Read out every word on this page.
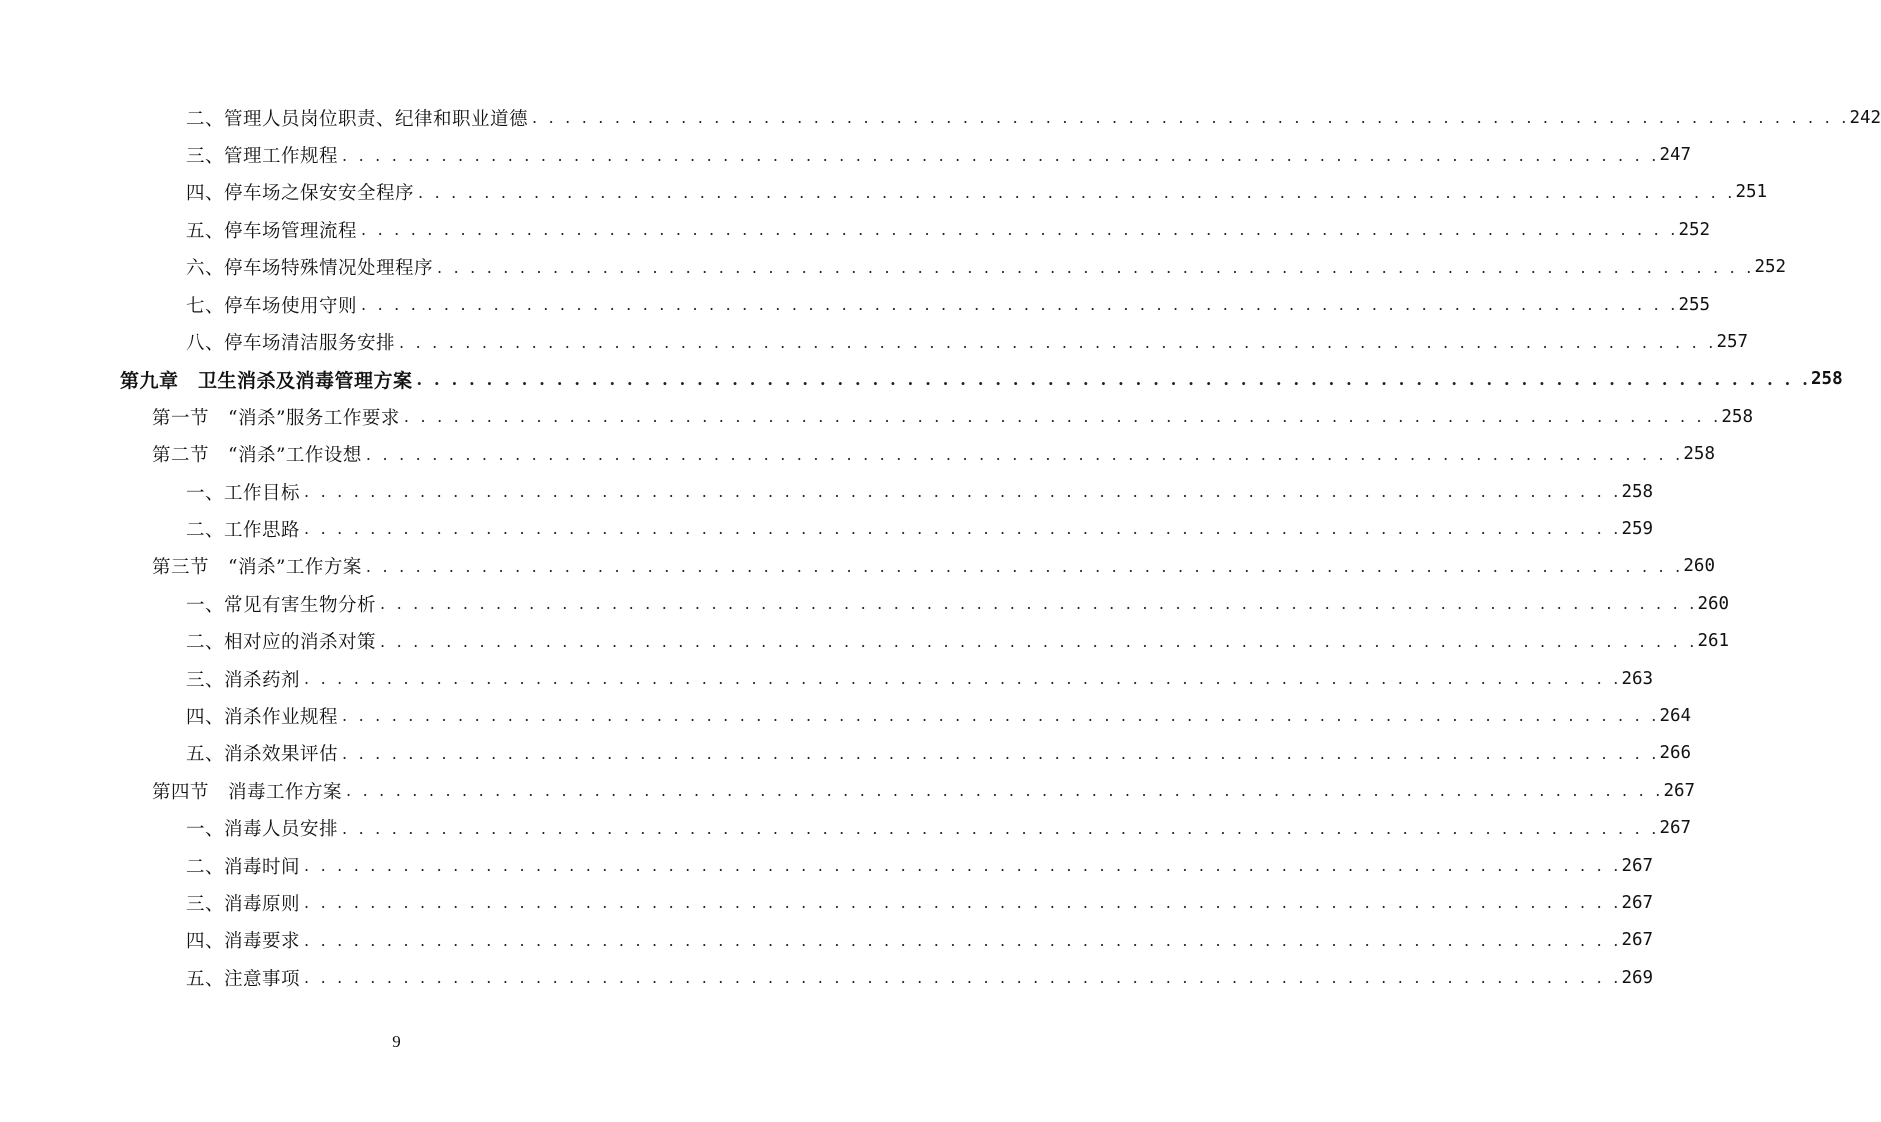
二、管理人员岗位职责、纪律和职业道德 . . . . . . . . . . . . . . . . . . . . . . . . . . . . . . . . . . . . . . . . . . . . . . . . . . . . . . . . . . . . . . . . . . . . . . . . . . . . . . . . 242
三、管理工作规程 . . . . . . . . . . . . . . . . . . . . . . . . . . . . . . . . . . . . . . . . . . . . . . . . . . . . . . . . . . . . . . . . . . . . . . . . . . . . . . . . 247
四、停车场之保安安全程序 . . . . . . . . . . . . . . . . . . . . . . . . . . . . . . . . . . . . . . . . . . . . . . . . . . . . . . . . . . . . . . . . . . . . . . . . . . . . . . . . 251
五、停车场管理流程 . . . . . . . . . . . . . . . . . . . . . . . . . . . . . . . . . . . . . . . . . . . . . . . . . . . . . . . . . . . . . . . . . . . . . . . . . . . . . . . . 252
六、停车场特殊情况处理程序 . . . . . . . . . . . . . . . . . . . . . . . . . . . . . . . . . . . . . . . . . . . . . . . . . . . . . . . . . . . . . . . . . . . . . . . . . . . . . . . . 252
七、停车场使用守则 . . . . . . . . . . . . . . . . . . . . . . . . . . . . . . . . . . . . . . . . . . . . . . . . . . . . . . . . . . . . . . . . . . . . . . . . . . . . . . . . 255
八、停车场清洁服务安排 . . . . . . . . . . . . . . . . . . . . . . . . . . . . . . . . . . . . . . . . . . . . . . . . . . . . . . . . . . . . . . . . . . . . . . . . . . . . . . . . 257
第九章　卫生消杀及消毒管理方案 . . . . . . . . . . . . . . . . . . . . . . . . . . . . . . . . . . . . . . . . . . . . . . . . . . . . . . . . . . . . . . . . . . . . . . . . . . . . . . . . 258
第一节　“消杀”服务工作要求 . . . . . . . . . . . . . . . . . . . . . . . . . . . . . . . . . . . . . . . . . . . . . . . . . . . . . . . . . . . . . . . . . . . . . . . . . . . . . . . . 258
第二节　“消杀”工作设想 . . . . . . . . . . . . . . . . . . . . . . . . . . . . . . . . . . . . . . . . . . . . . . . . . . . . . . . . . . . . . . . . . . . . . . . . . . . . . . . . 258
一、工作目标 . . . . . . . . . . . . . . . . . . . . . . . . . . . . . . . . . . . . . . . . . . . . . . . . . . . . . . . . . . . . . . . . . . . . . . . . . . . . . . . . 258
二、工作思路 . . . . . . . . . . . . . . . . . . . . . . . . . . . . . . . . . . . . . . . . . . . . . . . . . . . . . . . . . . . . . . . . . . . . . . . . . . . . . . . . 259
第三节　“消杀”工作方案 . . . . . . . . . . . . . . . . . . . . . . . . . . . . . . . . . . . . . . . . . . . . . . . . . . . . . . . . . . . . . . . . . . . . . . . . . . . . . . . . 260
一、常见有害生物分析 . . . . . . . . . . . . . . . . . . . . . . . . . . . . . . . . . . . . . . . . . . . . . . . . . . . . . . . . . . . . . . . . . . . . . . . . . . . . . . . . 260
二、相对应的消杀对策 . . . . . . . . . . . . . . . . . . . . . . . . . . . . . . . . . . . . . . . . . . . . . . . . . . . . . . . . . . . . . . . . . . . . . . . . . . . . . . . . 261
三、消杀药剂 . . . . . . . . . . . . . . . . . . . . . . . . . . . . . . . . . . . . . . . . . . . . . . . . . . . . . . . . . . . . . . . . . . . . . . . . . . . . . . . . 263
四、消杀作业规程 . . . . . . . . . . . . . . . . . . . . . . . . . . . . . . . . . . . . . . . . . . . . . . . . . . . . . . . . . . . . . . . . . . . . . . . . . . . . . . . . 264
五、消杀效果评估 . . . . . . . . . . . . . . . . . . . . . . . . . . . . . . . . . . . . . . . . . . . . . . . . . . . . . . . . . . . . . . . . . . . . . . . . . . . . . . . . 266
第四节　消毒工作方案 . . . . . . . . . . . . . . . . . . . . . . . . . . . . . . . . . . . . . . . . . . . . . . . . . . . . . . . . . . . . . . . . . . . . . . . . . . . . . . . . 267
一、消毒人员安排 . . . . . . . . . . . . . . . . . . . . . . . . . . . . . . . . . . . . . . . . . . . . . . . . . . . . . . . . . . . . . . . . . . . . . . . . . . . . . . . . 267
二、消毒时间 . . . . . . . . . . . . . . . . . . . . . . . . . . . . . . . . . . . . . . . . . . . . . . . . . . . . . . . . . . . . . . . . . . . . . . . . . . . . . . . . 267
三、消毒原则 . . . . . . . . . . . . . . . . . . . . . . . . . . . . . . . . . . . . . . . . . . . . . . . . . . . . . . . . . . . . . . . . . . . . . . . . . . . . . . . . 267
四、消毒要求 . . . . . . . . . . . . . . . . . . . . . . . . . . . . . . . . . . . . . . . . . . . . . . . . . . . . . . . . . . . . . . . . . . . . . . . . . . . . . . . . 267
五、注意事项 . . . . . . . . . . . . . . . . . . . . . . . . . . . . . . . . . . . . . . . . . . . . . . . . . . . . . . . . . . . . . . . . . . . . . . . . . . . . . . . . 269
9
